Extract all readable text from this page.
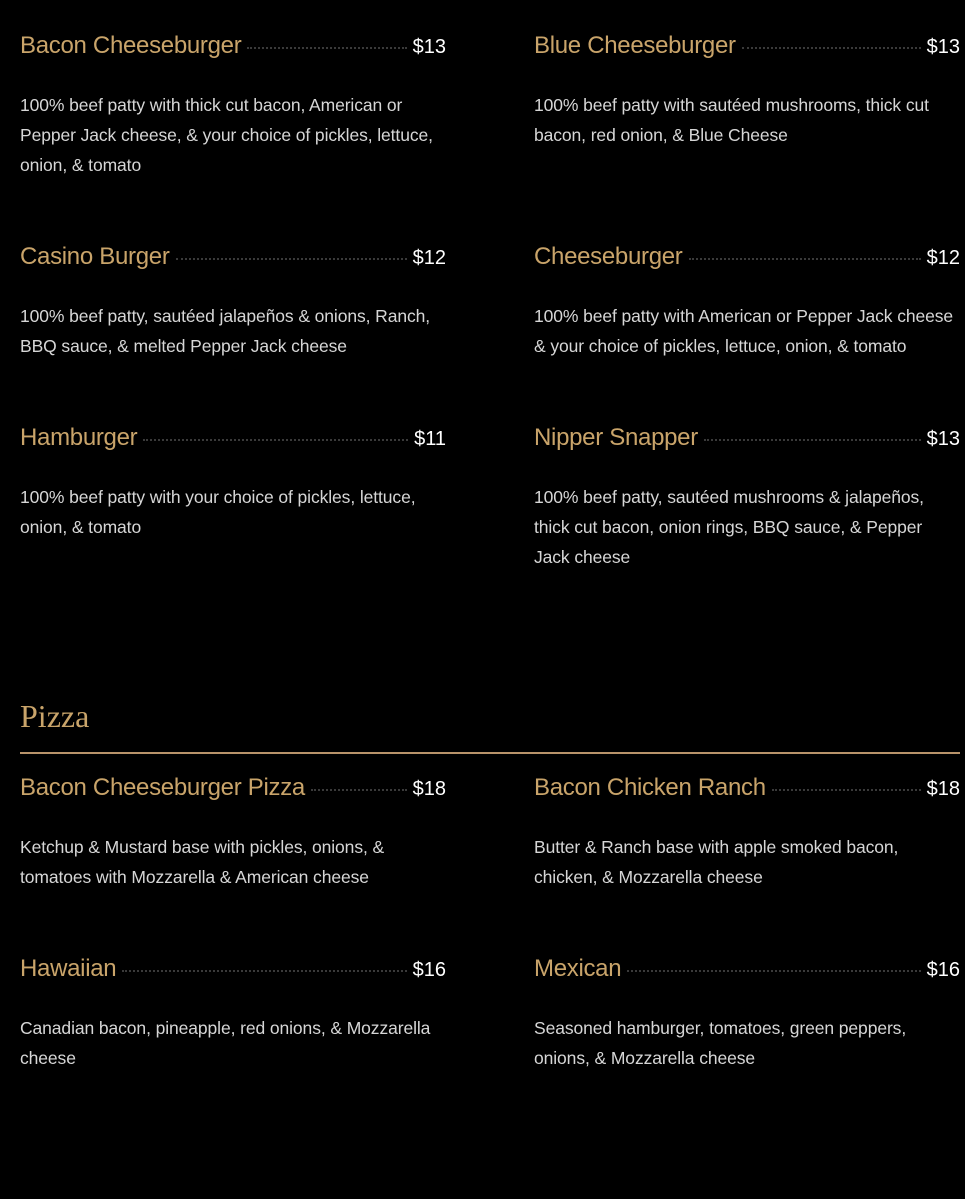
Bacon Cheeseburger	$13
100% beef patty with thick cut bacon, American or Pepper Jack cheese, & your choice of pickles, lettuce, onion, & tomato
Blue Cheeseburger	$13
100% beef patty with sautéed mushrooms, thick cut bacon, red onion, & Blue Cheese
Casino Burger	$12
100% beef patty, sautéed jalapeños & onions, Ranch, BBQ sauce, & melted Pepper Jack cheese
Cheeseburger	$12
100% beef patty with American or Pepper Jack cheese & your choice of pickles, lettuce, onion, & tomato
Hamburger	$11
100% beef patty with your choice of pickles, lettuce, onion, & tomato
Nipper Snapper	$13
100% beef patty, sautéed mushrooms & jalapeños, thick cut bacon, onion rings, BBQ sauce, & Pepper Jack cheese
Pizza
Bacon Cheeseburger Pizza	$18
Ketchup & Mustard base with pickles, onions, & tomatoes with Mozzarella & American cheese
Bacon Chicken Ranch	$18
Butter & Ranch base with apple smoked bacon, chicken, & Mozzarella cheese
Hawaiian	$16
Canadian bacon, pineapple, red onions, & Mozzarella cheese
Mexican	$16
Seasoned hamburger, tomatoes, green peppers, onions, & Mozzarella cheese
